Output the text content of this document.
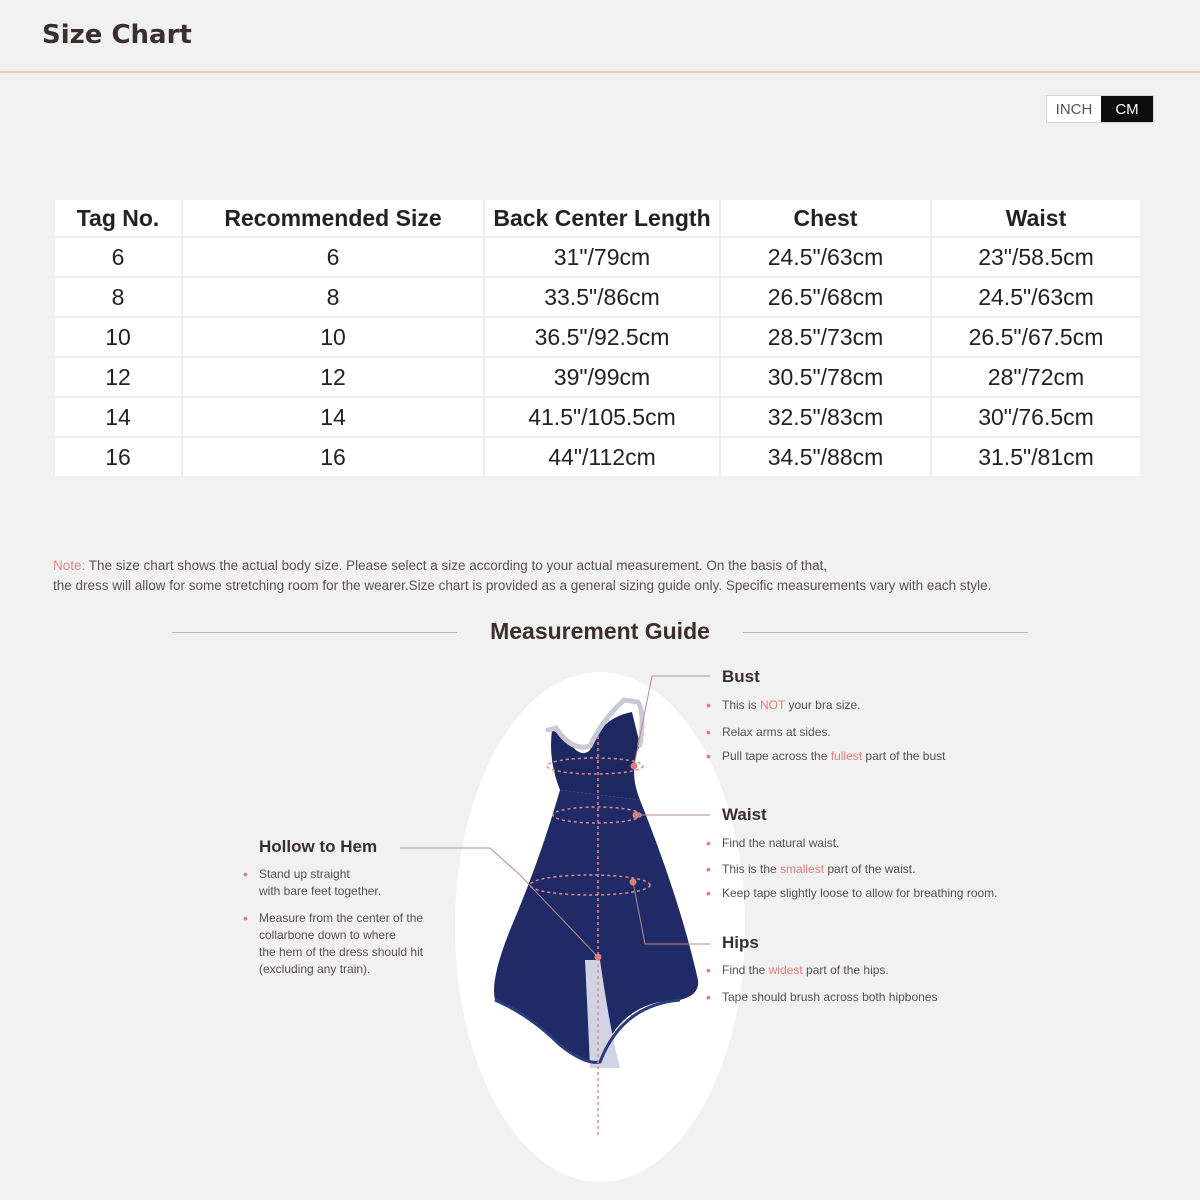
Size Chart
INCH	CM
Tag No.	Recommended Size	Back Center Length	Chest	Waist
6	6	31"/79cm	24.5"/63cm	23"/58.5cm
8	8	33.5"/86cm	26.5"/68cm	24.5"/63cm
10	10	36.5"/92.5cm	28.5"/73cm	26.5"/67.5cm
12	12	39"/99cm	30.5"/78cm	28"/72cm
14	14	41.5"/105.5cm	32.5"/83cm	30"/76.5cm
16	16	44"/112cm	34.5"/88cm	31.5"/81cm
Note: The size chart shows the actual body size. Please select a size according to your actual measurement. On the basis of that,
the dress will allow for some stretching room for the wearer.Size chart is provided as a general sizing guide only. Specific measurements vary with each style.
Measurement Guide
Bust
• This is NOT your bra size.
• Relax arms at sides.
• Pull tape across the fullest part of the bust
Waist
• Find the natural waist.
• This is the smallest part of the waist.
• Keep tape slightly loose to allow for breathing room.
Hips
• Find the widest part of the hips.
• Tape should brush across both hipbones
Hollow to Hem
• Stand up straight
with bare feet together.
• Measure from the center of the
collarbone down to where
the hem of the dress should hit
(excluding any train).
